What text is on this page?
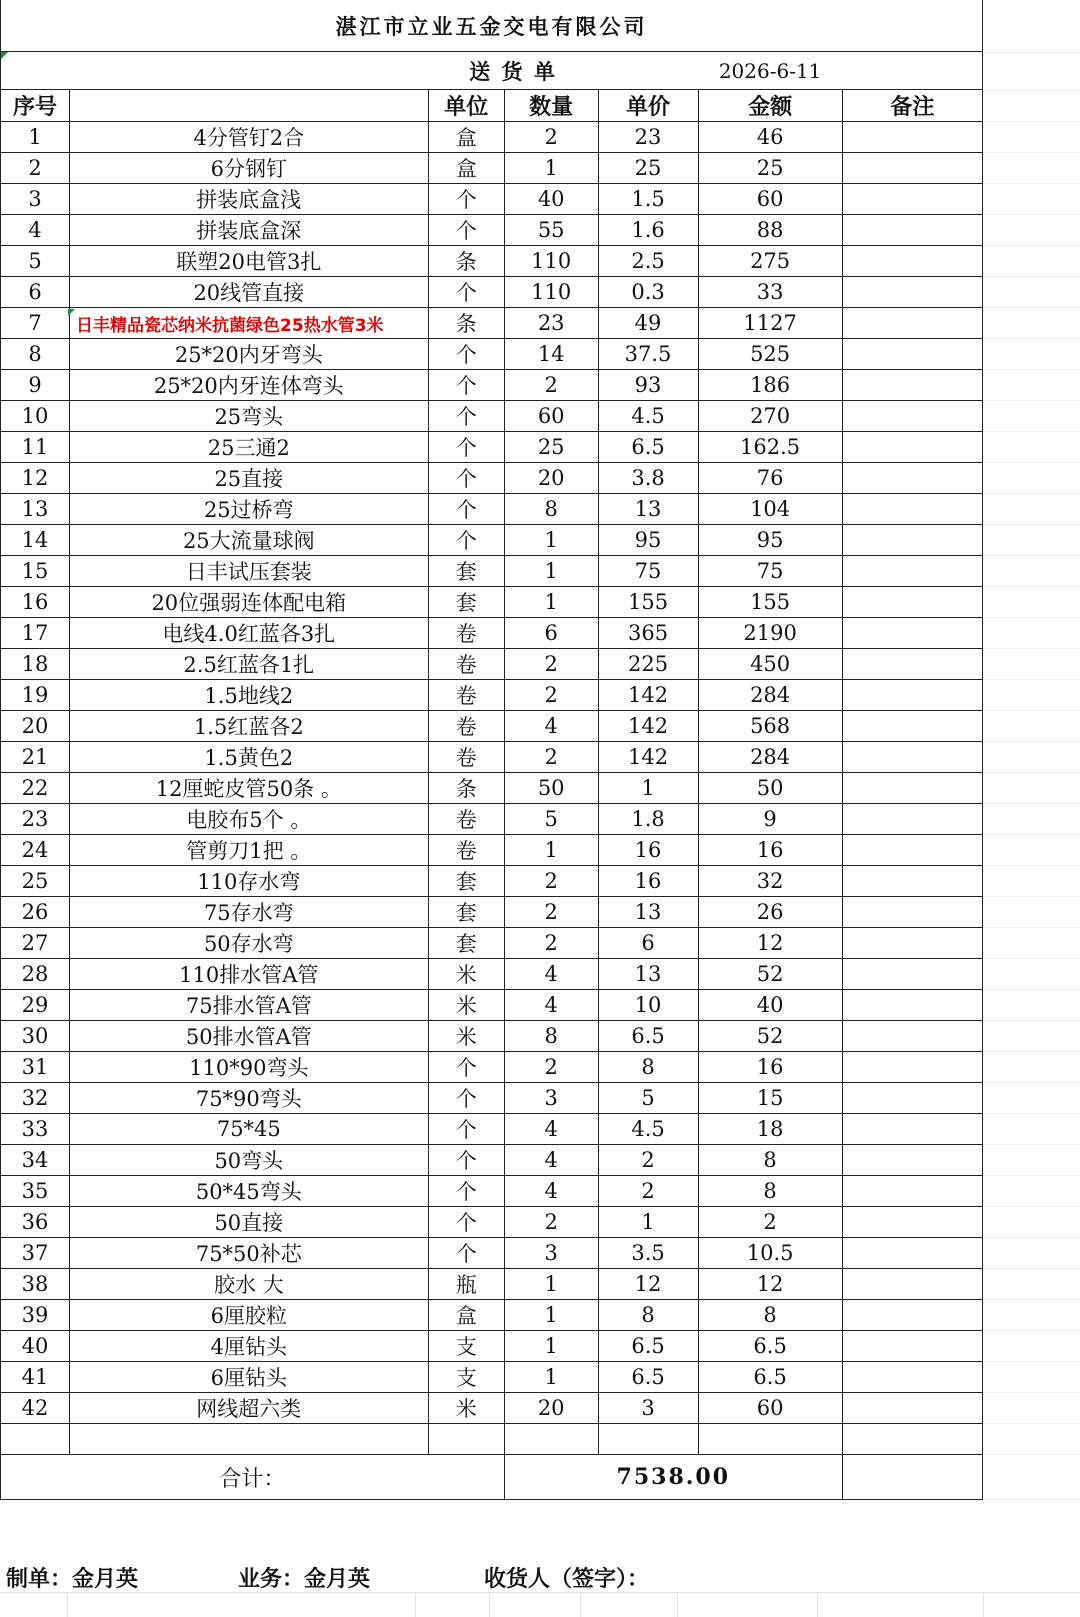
湛江市立业五金交电有限公司						
		送 货 单			2026-6-11	
序号		单位	数量	单价	金额	备注
1	4分管钉2合	盒	2	23	46	
2	6分钢钉	盒	1	25	25	
3	拼装底盒浅	个	40	1.5	60	
4	拼装底盒深	个	55	1.6	88	
5	联塑20电管3扎	条	110	2.5	275	
6	20线管直接	个	110	0.3	33	
7	日丰精品瓷芯纳米抗菌绿色25热水管3米	条	23	49	1127	
8	25*20内牙弯头	个	14	37.5	525	
9	25*20内牙连体弯头	个	2	93	186	
10	25弯头	个	60	4.5	270	
11	25三通2	个	25	6.5	162.5	
12	25直接	个	20	3.8	76	
13	25过桥弯	个	8	13	104	
14	25大流量球阀	个	1	95	95	
15	日丰试压套装	套	1	75	75	
16	20位强弱连体配电箱	套	1	155	155	
17	电线4.0红蓝各3扎	卷	6	365	2190	
18	2.5红蓝各1扎	卷	2	225	450	
19	1.5地线2	卷	2	142	284	
20	1.5红蓝各2	卷	4	142	568	
21	1.5黄色2	卷	2	142	284	
22	12厘蛇皮管50条 。	条	50	1	50	
23	电胶布5个 。	卷	5	1.8	9	
24	管剪刀1把 。	卷	1	16	16	
25	110存水弯	套	2	16	32	
26	75存水弯	套	2	13	26	
27	50存水弯	套	2	6	12	
28	110排水管A管	米	4	13	52	
29	75排水管A管	米	4	10	40	
30	50排水管A管	米	8	6.5	52	
31	110*90弯头	个	2	8	16	
32	75*90弯头	个	3	5	15	
33	75*45	个	4	4.5	18	
34	50弯头	个	4	2	8	
35	50*45弯头	个	4	2	8	
36	50直接	个	2	1	2	
37	75*50补芯	个	3	3.5	10.5	
38	胶水 大	瓶	1	12	12	
39	6厘胶粒	盒	1	8	8	
40	4厘钻头	支	1	6.5	6.5	
41	6厘钻头	支	1	6.5	6.5	
42	网线超六类	米	20	3	60	

合计：			7538.00			
制单：金月英	业务：金月英	收货人（签字）：
